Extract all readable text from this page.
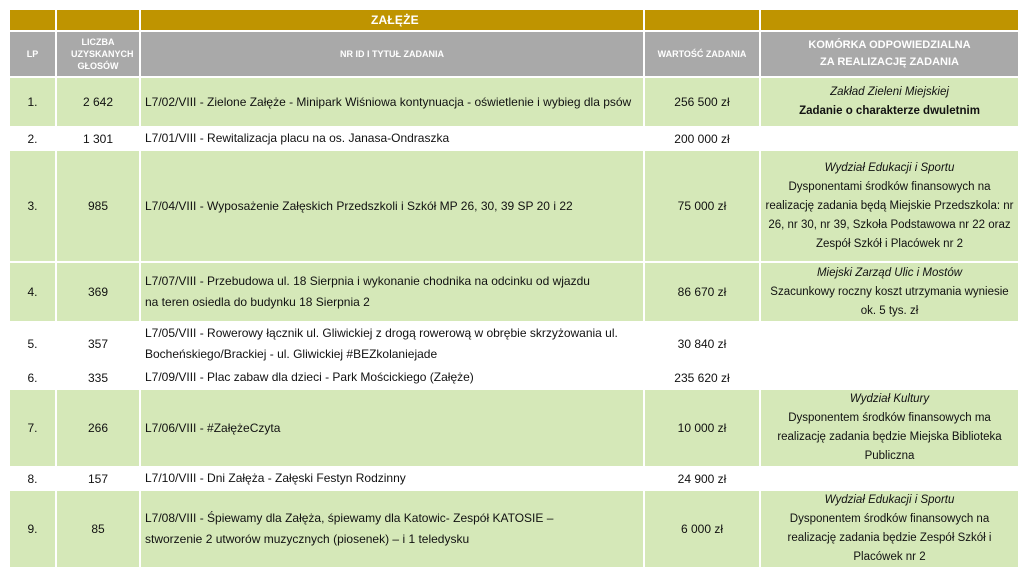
		ZAŁĘŻE		
LP	LICZBA UZYSKANYCH GŁOSÓW	NR ID I TYTUŁ ZADANIA	WARTOŚĆ ZADANIA	KOMÓRKA ODPOWIEDZIALNA
ZA REALIZACJĘ ZADANIA
1.	2 642	L7/02/VIII - Zielone Załęże - Minipark Wiśniowa kontynuacja - oświetlenie i wybieg dla psów	256 500 zł	Zakład Zieleni Miejskiej
Zadanie o charakterze dwuletnim

2.	1 301	L7/01/VIII - Rewitalizacja placu na os. Janasa-Ondraszka	200 000 zł	
3.	985	L7/04/VIII - Wyposażenie Załęskich Przedszkoli i Szkół MP 26, 30, 39 SP 20 i 22	75 000 zł	Wydział Edukacji i Sportu
Dysponentami środków finansowych na realizację zadania będą Miejskie Przedszkola: nr 26, nr 30, nr 39, Szkoła Podstawowa nr 22 oraz Zespół Szkół i Placówek nr 2

4.	369	L7/07/VIII - Przebudowa ul. 18 Sierpnia i wykonanie chodnika na odcinku od wjazdu na teren osiedla do budynku 18 Sierpnia 2	86 670 zł	Miejski Zarząd Ulic i Mostów
Szacunkowy roczny koszt utrzymania wyniesie ok. 5 tys. zł

5.	357	L7/05/VIII - Rowerowy łącznik ul. Gliwickiej z drogą rowerową w obrębie skrzyżowania ul. Bocheńskiego/Brackiej - ul. Gliwickiej #BEZkolaniejade	30 840 zł	
6.	335	L7/09/VIII - Plac zabaw dla dzieci - Park Mościckiego (Załęże)	235 620 zł	
7.	266	L7/06/VIII - #ZałężeCzyta	10 000 zł	Wydział Kultury
Dysponentem środków finansowych ma realizację zadania będzie Miejska Biblioteka Publiczna

8.	157	L7/10/VIII - Dni Załęża - Załęski Festyn Rodzinny	24 900 zł	
9.	85	L7/08/VIII - Śpiewamy dla Załęża, śpiewamy dla Katowic- Zespół KATOSIE – stworzenie 2 utworów muzycznych (piosenek) – i 1 teledysku	6 000 zł	Wydział Edukacji i Sportu
Dysponentem środków finansowych na realizację zadania będzie Zespół Szkół i Placówek nr 2
